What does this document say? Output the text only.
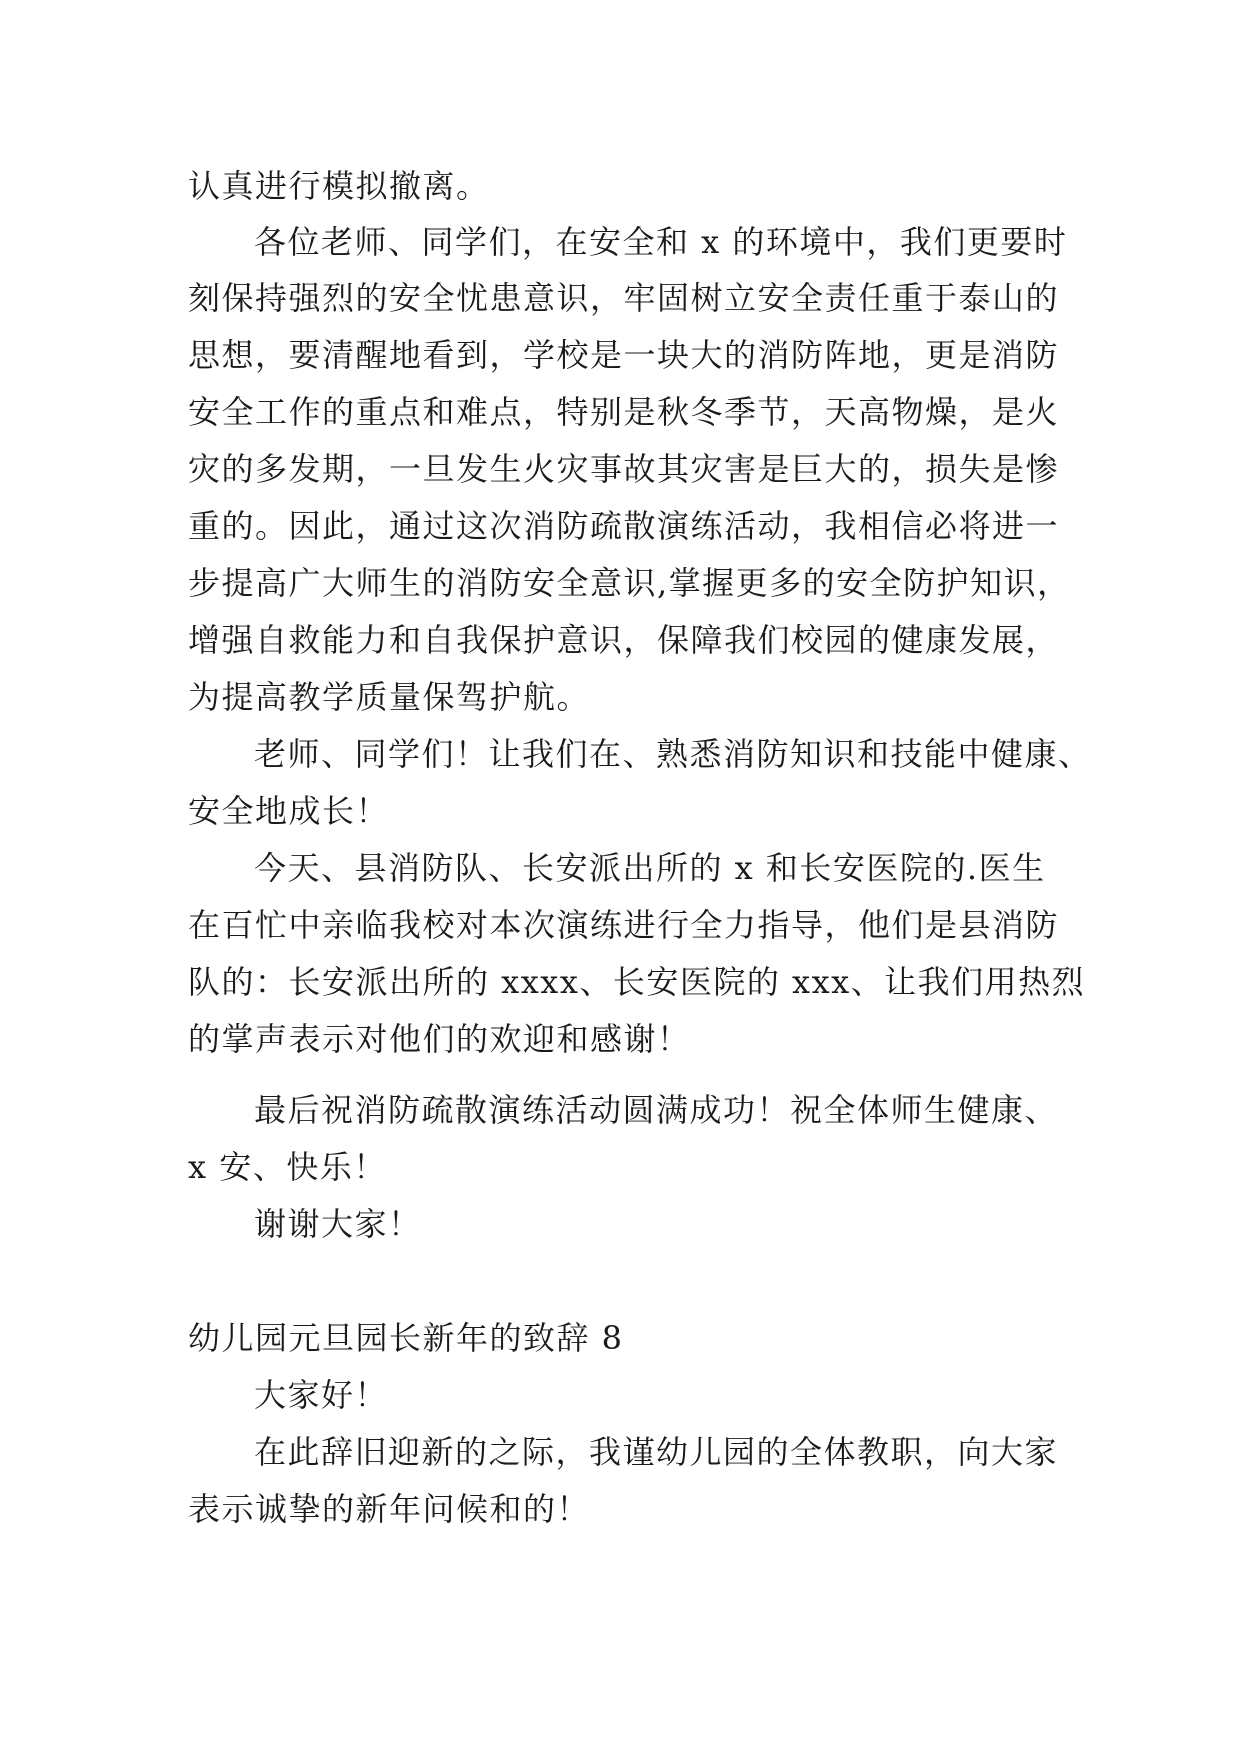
认真进行模拟撤离。
各位老师、同学们，在安全和 x 的环境中，我们更要时
刻保持强烈的安全忧患意识，牢固树立安全责任重于泰山的
思想，要清醒地看到，学校是一块大的消防阵地，更是消防
安全工作的重点和难点，特别是秋冬季节，天高物燥，是火
灾的多发期，一旦发生火灾事故其灾害是巨大的，损失是惨
重的。因此，通过这次消防疏散演练活动，我相信必将进一
步提高广大师生的消防安全意识,掌握更多的安全防护知识，
增强自救能力和自我保护意识，保障我们校园的健康发展，
为提高教学质量保驾护航。
老师、同学们！让我们在、熟悉消防知识和技能中健康、
安全地成长！
今天、县消防队、长安派出所的 x 和长安医院的.医生
在百忙中亲临我校对本次演练进行全力指导，他们是县消防
队的：长安派出所的 xxxx、长安医院的 xxx、让我们用热烈
的掌声表示对他们的欢迎和感谢！
最后祝消防疏散演练活动圆满成功！祝全体师生健康、
x 安、快乐！
谢谢大家！
幼儿园元旦园长新年的致辞 8
大家好！
在此辞旧迎新的之际，我谨幼儿园的全体教职，向大家
表示诚挚的新年问候和的！
